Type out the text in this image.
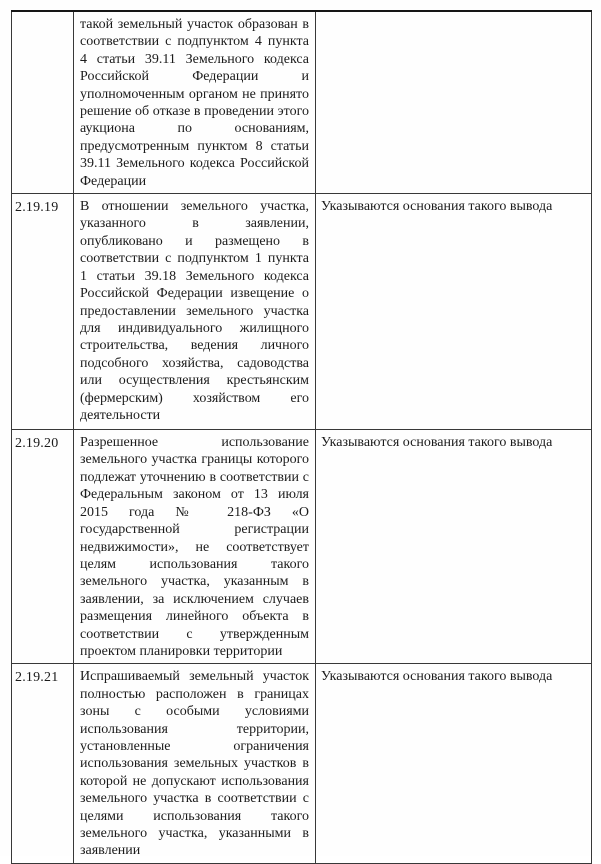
	такой земельный участок образован в соответствии с подпунктом 4 пункта 4 статьи 39.11 Земельного кодекса Российской Федерации и уполномоченным органом не принято решение об отказе в проведении этого аукциона по основаниям, предусмотренным пунктом 8 статьи 39.11 Земельного кодекса Российской Федерации	
2.19.19	В отношении земельного участка, указанного в заявлении, опубликовано и размещено в соответствии с подпунктом 1 пункта 1 статьи 39.18 Земельного кодекса Российской Федерации извещение о предоставлении земельного участка для индивидуального жилищного строительства, ведения личного подсобного хозяйства, садоводства или осуществления крестьянским (фермерским) хозяйством его деятельности	Указываются основания такого вывода
2.19.20	Разрешенное использование земельного участка границы которого подлежат уточнению в соответствии с Федеральным законом от 13 июля 2015 года № 218-ФЗ «О государственной регистрации недвижимости», не соответствует целям использования такого земельного участка, указанным в заявлении, за исключением случаев размещения линейного объекта в соответствии с утвержденным проектом планировки территории	Указываются основания такого вывода
2.19.21	Испрашиваемый земельный участок полностью расположен в границах зоны с особыми условиями использования территории, установленные ограничения использования земельных участков в которой не допускают использования земельного участка в соответствии с целями использования такого земельного участка, указанными в заявлении	Указываются основания такого вывода
